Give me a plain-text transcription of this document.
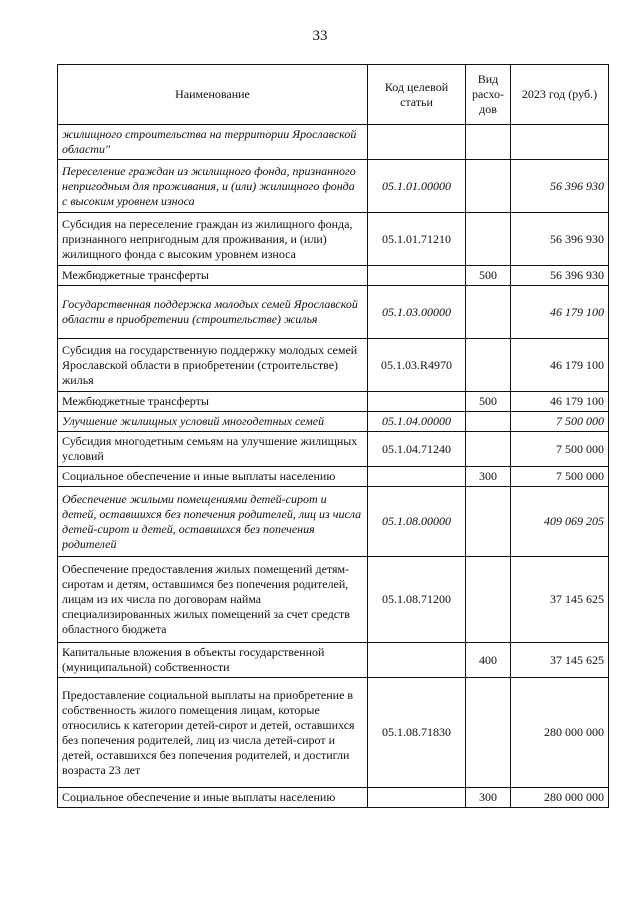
33
Наименование	Код целевой статьи	Вид расхо-дов	2023 год (руб.)
жилищного строительства на территории Ярославской области"			
Переселение граждан из жилищного фонда, признанного непригодным для проживания, и (или) жилищного фонда с высоким уровнем износа	05.1.01.00000		56 396 930
Субсидия на переселение граждан из жилищного фонда, признанного непригодным для проживания, и (или) жилищного фонда с высоким уровнем износа	05.1.01.71210		56 396 930
Межбюджетные трансферты		500	56 396 930
Государственная поддержка молодых семей Ярославской области в приобретении (строительстве) жилья	05.1.03.00000		46 179 100
Субсидия на государственную поддержку молодых семей Ярославской области в приобретении (строительстве) жилья	05.1.03.R4970		46 179 100
Межбюджетные трансферты		500	46 179 100
Улучшение жилищных условий многодетных семей	05.1.04.00000		7 500 000
Субсидия многодетным семьям на улучшение жилищных условий	05.1.04.71240		7 500 000
Социальное обеспечение и иные выплаты населению		300	7 500 000
Обеспечение жилыми помещениями детей-сирот и детей, оставшихся без попечения родителей, лиц из числа детей-сирот и детей, оставшихся без попечения родителей	05.1.08.00000		409 069 205
Обеспечение предоставления жилых помещений детям-сиротам и детям, оставшимся без попечения родителей, лицам из их числа по договорам найма специализированных жилых помещений за счет средств областного бюджета	05.1.08.71200		37 145 625
Капитальные вложения в объекты государственной (муниципальной) собственности		400	37 145 625
Предоставление социальной выплаты на приобретение в собственность жилого помещения лицам, которые относились к категории детей-сирот и детей, оставшихся без попечения родителей, лиц из числа детей-сирот и детей, оставшихся без попечения родителей, и достигли возраста 23 лет	05.1.08.71830		280 000 000
Социальное обеспечение и иные выплаты населению		300	280 000 000
